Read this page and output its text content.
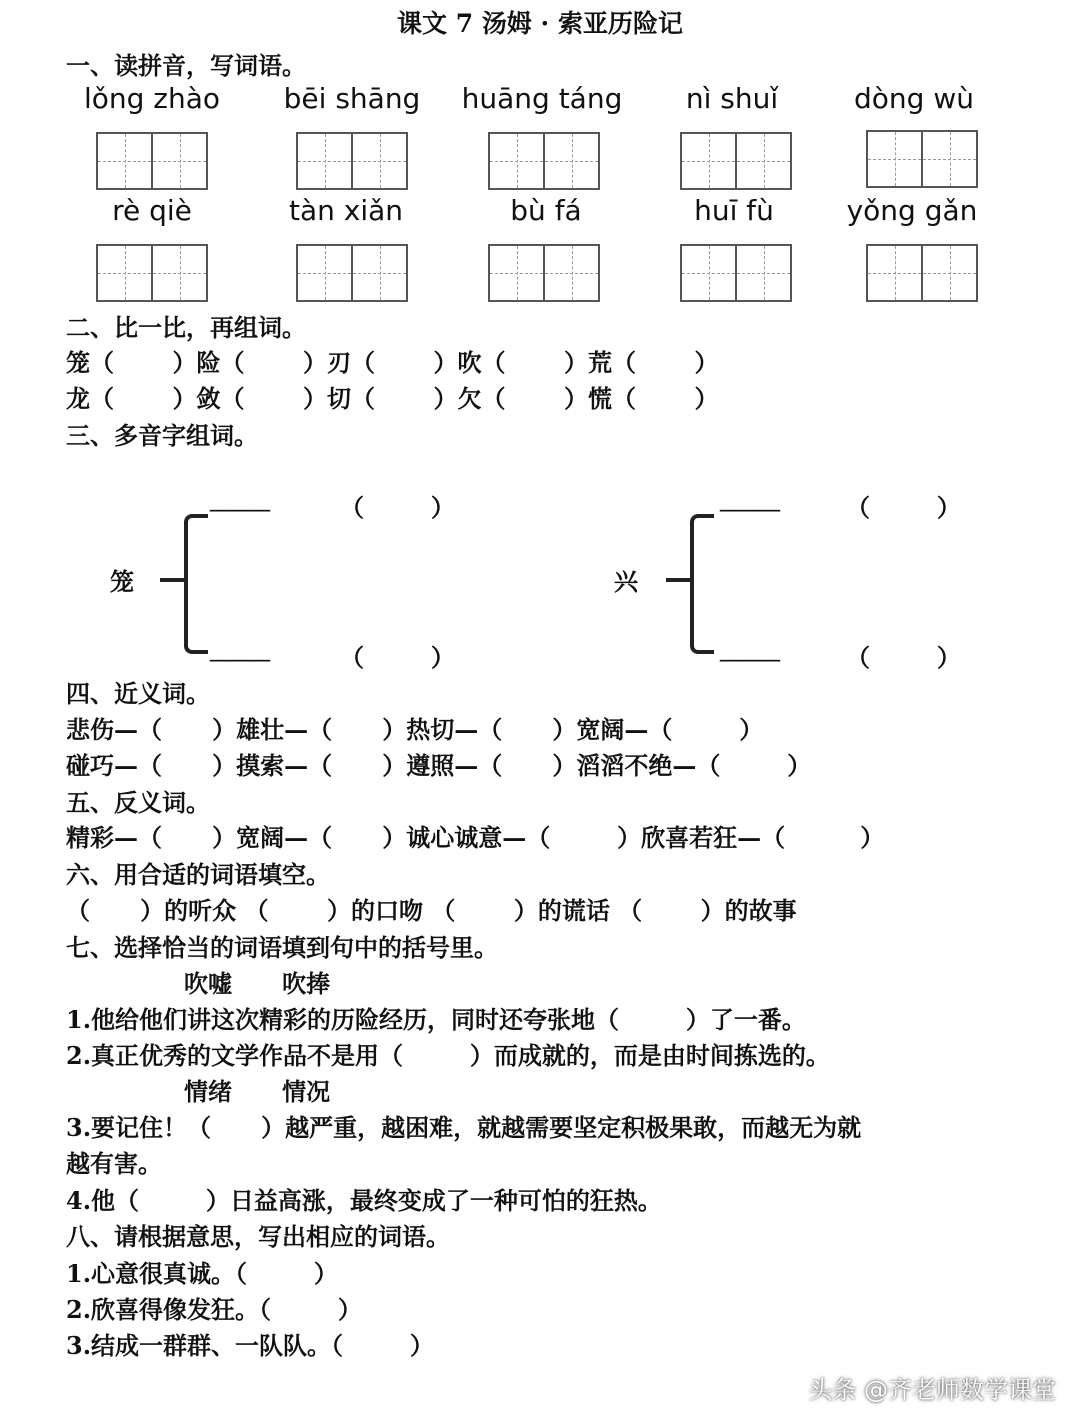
课文 7 汤姆 · 索亚历险记
一、读拼音，写词语。
lǒng zhào	bēi shāng	huāng táng	nì shuǐ	dòng wù
rè qiè	tàn xiǎn	bù fá	huī fù	yǒng gǎn
二、比一比，再组词。
笼（       ）险（       ）刃（       ）吹（       ）荒（       ）
龙（       ）敛（       ）切（       ）欠（       ）慌（       ）
三、多音字组词。
笼
_____	（        ）
_____	（        ）
兴
_____	（        ）
_____	（        ）
四、近义词。
悲伤—（      ）雄壮—（      ）热切—（      ）宽阔—（        ）
碰巧—（      ）摸索—（      ）遵照—（      ）滔滔不绝—（        ）
五、反义词。
精彩—（      ）宽阔—（      ）诚心诚意—（        ）欣喜若狂—（         ）
六、用合适的词语填空。
（      ）的听众 （       ）的口吻 （       ）的谎话 （       ）的故事
七、选择恰当的词语填到句中的括号里。
吹嘘      吹捧
1.他给他们讲这次精彩的历险经历，同时还夸张地（        ）了一番。
2.真正优秀的文学作品不是用（        ）而成就的，而是由时间拣选的。
情绪      情况
3.要记住！（      ）越严重，越困难，就越需要坚定积极果敢，而越无为就
越有害。
4.他（        ）日益高涨，最终变成了一种可怕的狂热。
八、请根据意思，写出相应的词语。
1.心意很真诚。（        ）
2.欣喜得像发狂。（        ）
3.结成一群群、一队队。（        ）
头条 @齐老师数学课堂
